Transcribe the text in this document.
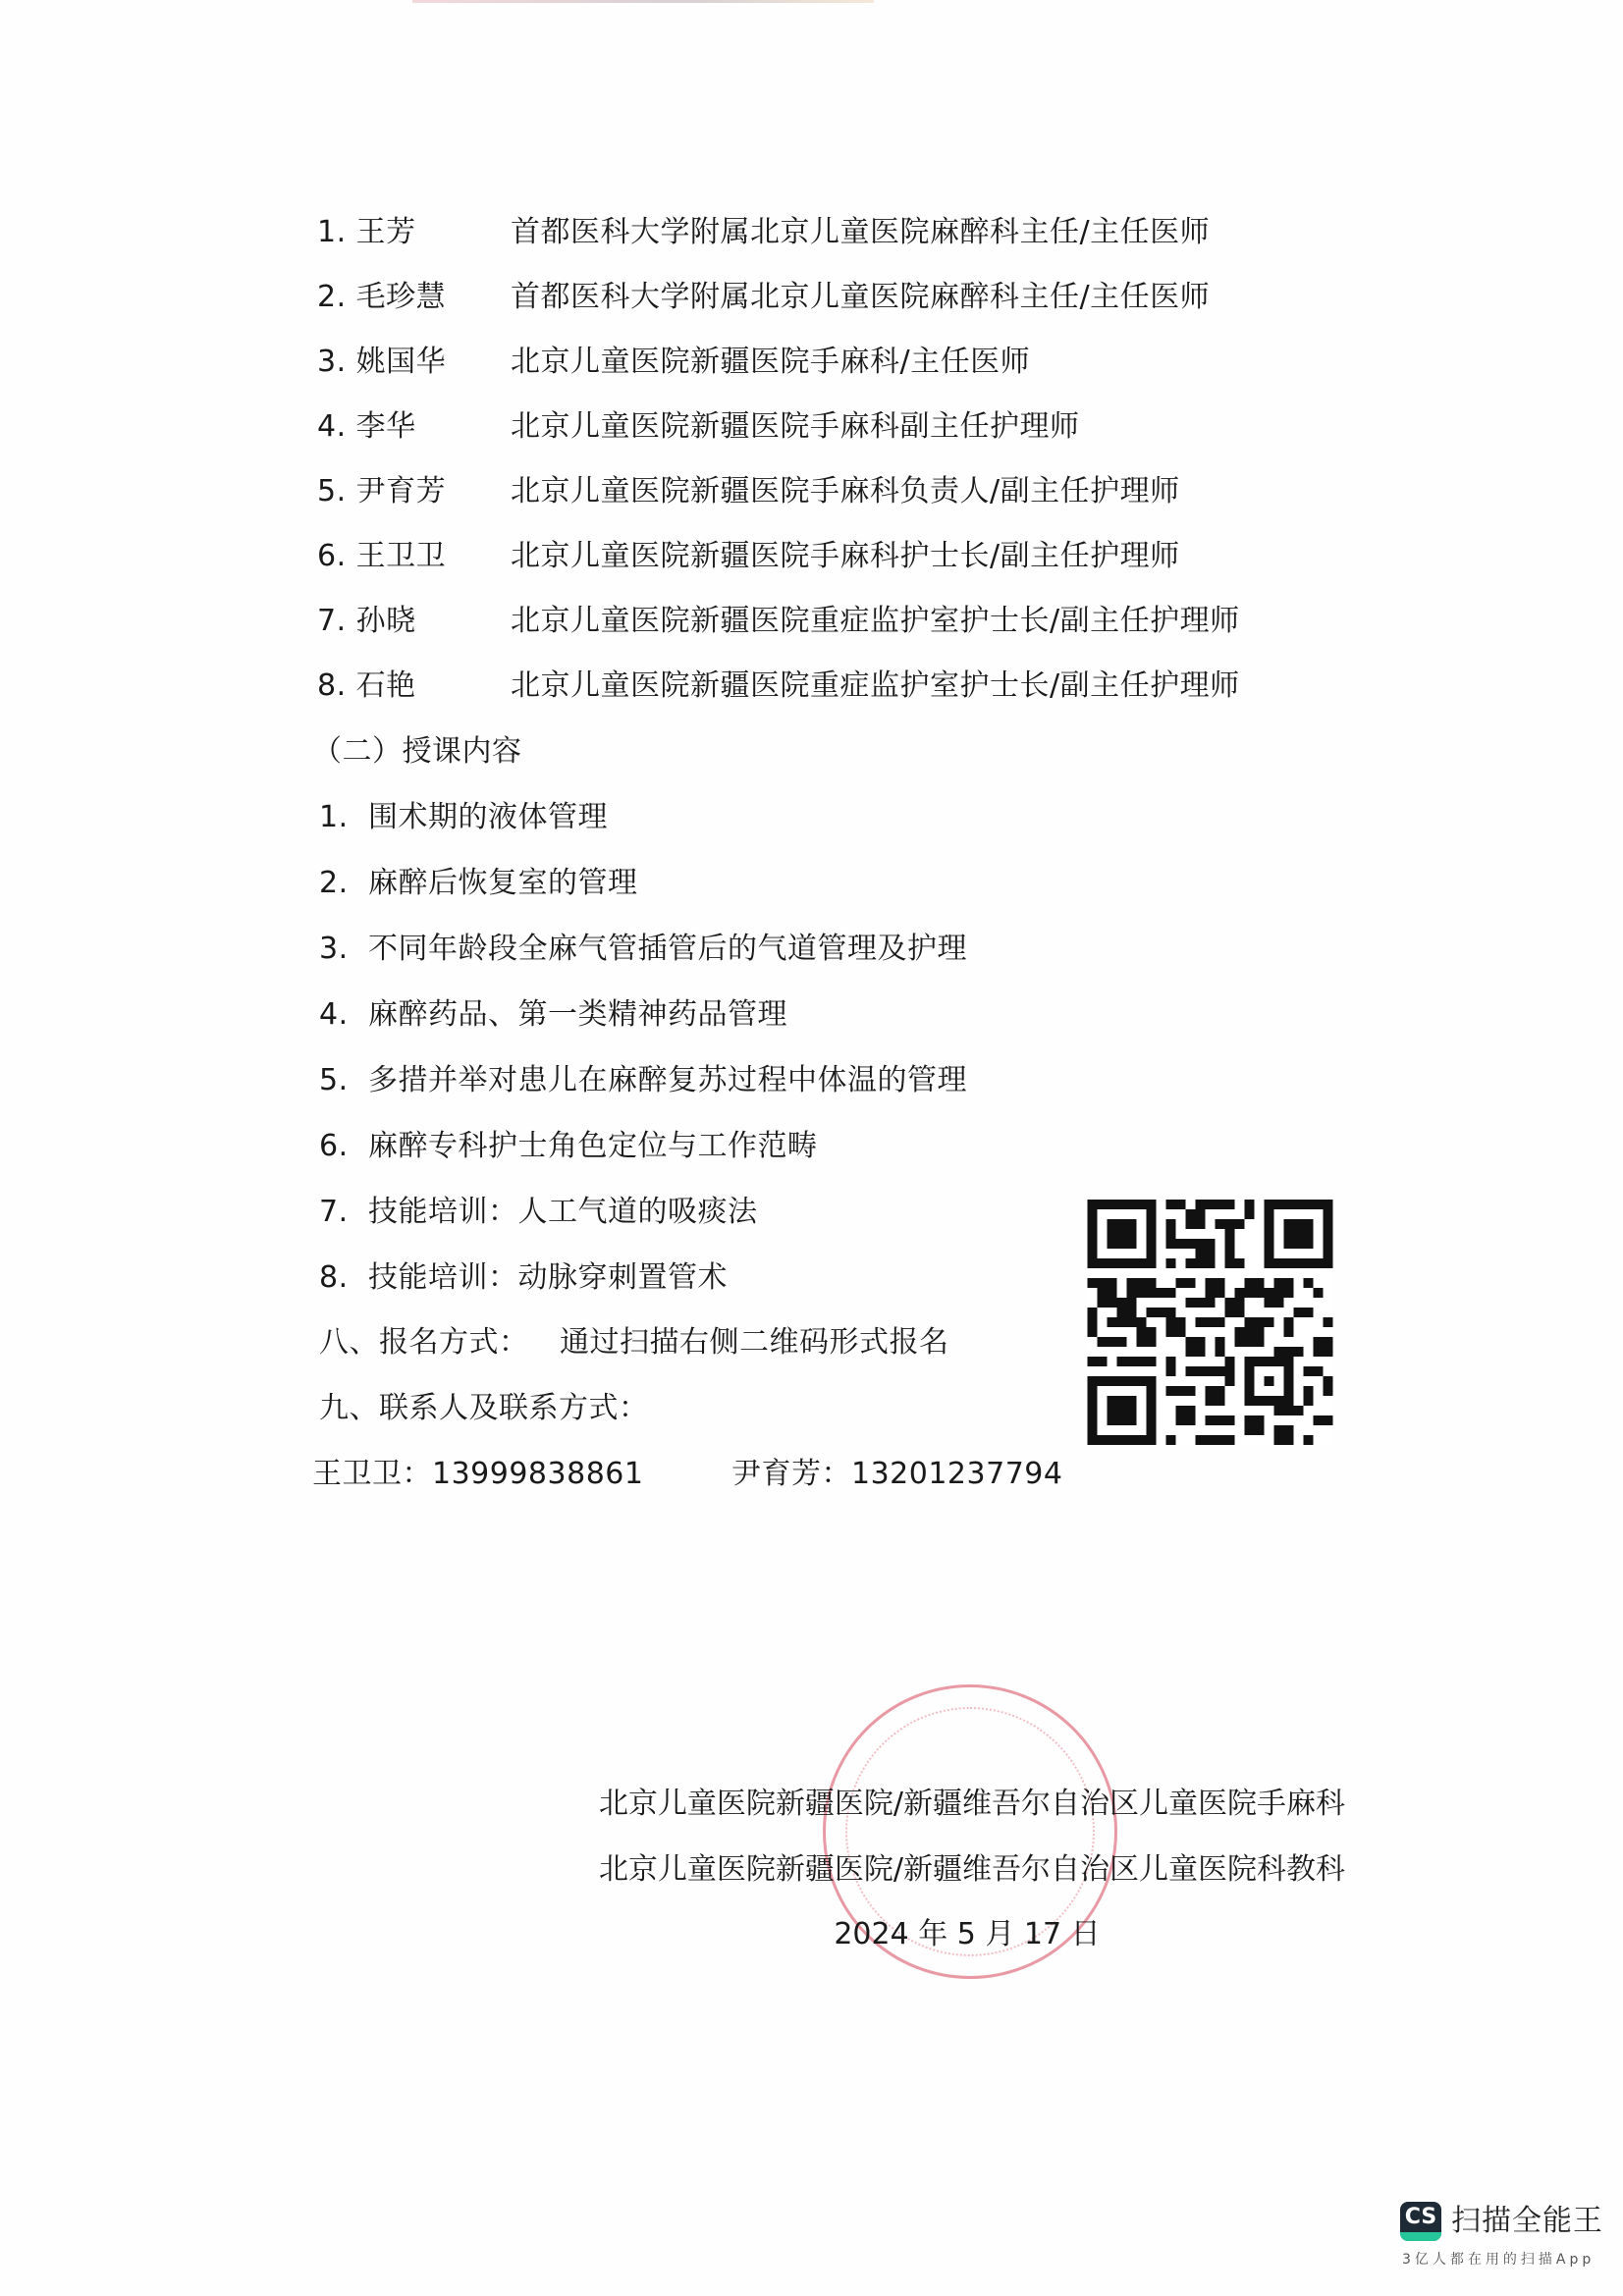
1. 王芳	首都医科大学附属北京儿童医院麻醉科主任/主任医师
2. 毛珍慧 首都医科大学附属北京儿童医院麻醉科主任/主任医师
3. 姚国华 北京儿童医院新疆医院手麻科/主任医师
4. 李华	北京儿童医院新疆医院手麻科副主任护理师
5. 尹育芳 北京儿童医院新疆医院手麻科负责人/副主任护理师
6. 王卫卫 北京儿童医院新疆医院手麻科护士长/副主任护理师
7. 孙晓	北京儿童医院新疆医院重症监护室护士长/副主任护理师
8. 石艳	北京儿童医院新疆医院重症监护室护士长/副主任护理师
（二）授课内容
1. 围术期的液体管理
2. 麻醉后恢复室的管理
3. 不同年龄段全麻气管插管后的气道管理及护理
4. 麻醉药品、第一类精神药品管理
5. 多措并举对患儿在麻醉复苏过程中体温的管理
6. 麻醉专科护士角色定位与工作范畴
7. 技能培训：人工气道的吸痰法
8. 技能培训：动脉穿刺置管术
八、报名方式： 通过扫描右侧二维码形式报名
九、联系人及联系方式：
王卫卫：13999838861	尹育芳：13201237794
北京儿童医院新疆医院/新疆维吾尔自治区儿童医院手麻科
北京儿童医院新疆医院/新疆维吾尔自治区儿童医院科教科
2024 年 5 月 17 日
CS 扫描全能王
3亿人都在用的扫描App
